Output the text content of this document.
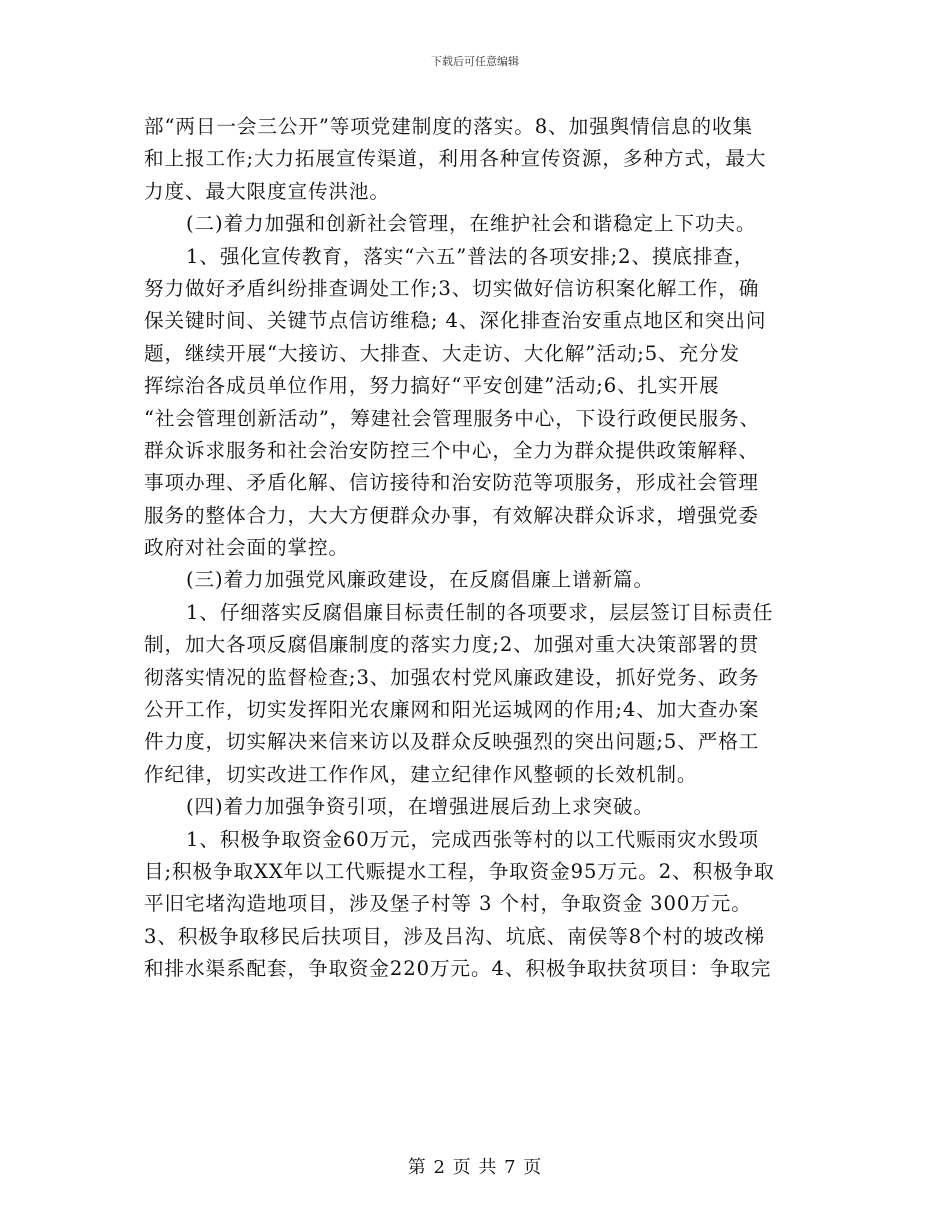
下载后可任意编辑
部“两日一会三公开”等项党建制度的落实。8、加强舆情信息的收集
和上报工作;大力拓展宣传渠道，利用各种宣传资源，多种方式，最大
力度、最大限度宣传洪池。
(二)着力加强和创新社会管理，在维护社会和谐稳定上下功夫。
1、强化宣传教育，落实“六五”普法的各项安排;2、摸底排查，
努力做好矛盾纠纷排查调处工作;3、切实做好信访积案化解工作，确
保关键时间、关键节点信访维稳; 4、深化排查治安重点地区和突出问
题，继续开展“大接访、大排查、大走访、大化解”活动;5、充分发
挥综治各成员单位作用，努力搞好“平安创建”活动;6、扎实开展
“社会管理创新活动”，筹建社会管理服务中心，下设行政便民服务、
群众诉求服务和社会治安防控三个中心，全力为群众提供政策解释、
事项办理、矛盾化解、信访接待和治安防范等项服务，形成社会管理
服务的整体合力，大大方便群众办事，有效解决群众诉求，增强党委
政府对社会面的掌控。
(三)着力加强党风廉政建设，在反腐倡廉上谱新篇。
1、仔细落实反腐倡廉目标责任制的各项要求，层层签订目标责任
制，加大各项反腐倡廉制度的落实力度;2、加强对重大决策部署的贯
彻落实情况的监督检查;3、加强农村党风廉政建设，抓好党务、政务
公开工作，切实发挥阳光农廉网和阳光运城网的作用;4、加大查办案
件力度，切实解决来信来访以及群众反映强烈的突出问题;5、严格工
作纪律，切实改进工作作风，建立纪律作风整顿的长效机制。
(四)着力加强争资引项，在增强进展后劲上求突破。
1、积极争取资金60万元，完成西张等村的以工代赈雨灾水毁项
目;积极争取XX年以工代赈提水工程，争取资金95万元。2、积极争取
平旧宅堵沟造地项目，涉及堡子村等 3 个村，争取资金 300万元。
3、积极争取移民后扶项目，涉及吕沟、坑底、南侯等8个村的坡改梯
和排水渠系配套，争取资金220万元。4、积极争取扶贫项目：争取完
第 2 页 共 7 页
